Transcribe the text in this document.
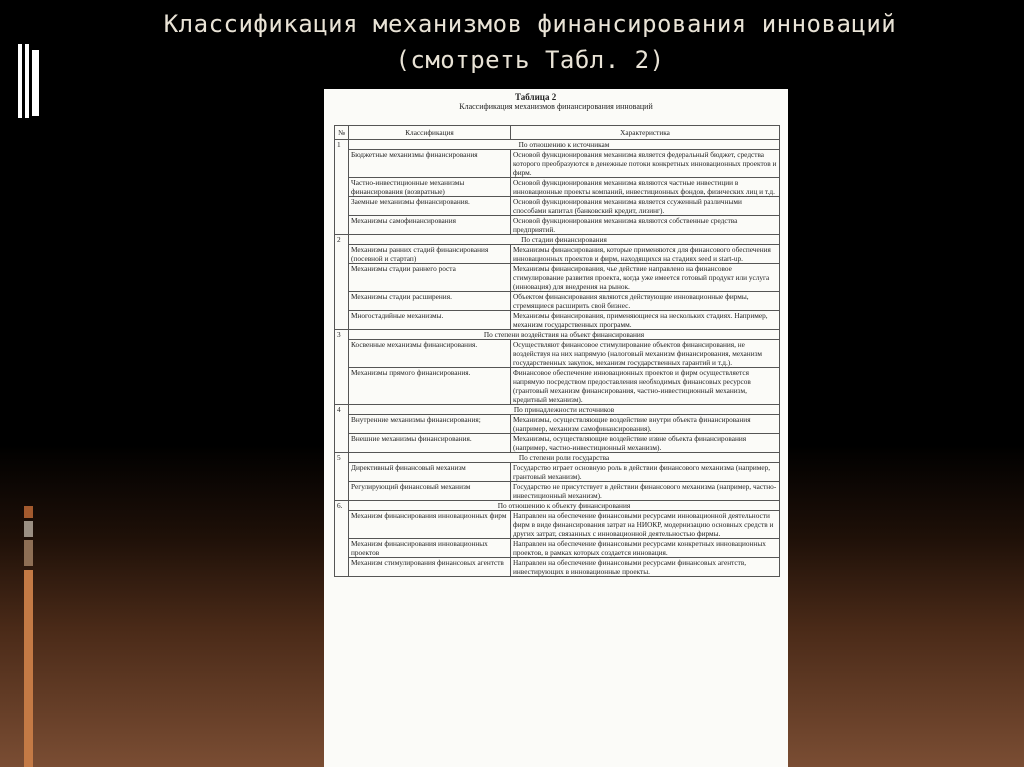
Классификация механизмов финансирования инноваций
(смотреть Табл. 2)
Таблица 2
Классификация механизмов финансирования инноваций
№	Классификация	Характеристика
1	По отношению к источникам	
	Бюджетные механизмы финансирования	Основой функционирования механизма является федеральный бюджет, средства которого преобразуются в денежные потоки конкретных инновационных проектов и фирм.
	Частно-инвестиционные механизмы финансирования (возвратные)	Основой функционирования механизма являются частные инвестиции в инновационные проекты компаний, инвестиционных фондов, физических лиц и т.д.
	Заемные механизмы финансирования.	Основой функционирования механизма является ссуженный различными способами капитал (банковский кредит, лизинг).
	Механизмы самофинансирования	Основой функционирования механизма являются собственные средства предприятий.
2	По стадии финансирования	
	Механизмы ранних стадий финансирования (посевной и стартап)	Механизмы финансирования, которые применяются для финансового обеспечения инновационных проектов и фирм, находящихся на стадиях seed и start-up.
	Механизмы стадии раннего роста	Механизмы финансирования, чье действие направлено на финансовое стимулирование развития проекта, когда уже имеется готовый продукт или услуга (инновация) для внедрения на рынок.
	Механизмы стадии расширения.	Объектом финансирования являются действующие инновационные фирмы, стремящиеся расширить свой бизнес.
	Многостадийные механизмы.	Механизмы финансирования, применяющиеся на нескольких стадиях. Например, механизм государственных программ.
3	По степени воздействия на объект финансирования	
	Косвенные механизмы финансирования.	Осуществляют финансовое стимулирование объектов финансирования, не воздействуя на них напрямую (налоговый механизм финансирования, механизм государственных закупок, механизм государственных гарантий и т.д.).
	Механизмы прямого финансирования.	Финансовое обеспечение инновационных проектов и фирм осуществляется напрямую посредством предоставления необходимых финансовых ресурсов (грантовый механизм финансирования, частно-инвестиционный механизм, кредитный механизм).
4	По принадлежности источников	
	Внутренние механизмы финансирования;	Механизмы, осуществляющие воздействие внутри объекта финансирования (например, механизм самофинансирования).
	Внешние механизмы финансирования.	Механизмы, осуществляющие воздействие извне объекта финансирования (например, частно-инвестиционный механизм).
5	По степени роли государства	
	Директивный финансовый механизм	Государство играет основную роль в действии финансового механизма (например, грантовый механизм).
	Регулирующий финансовый механизм	Государство не присутствует в действии финансового механизма (например, частно-инвестиционный механизм).
6.	По отношению к объекту финансирования	
	Механизм финансирования инновационных фирм	Направлен на обеспечение финансовыми ресурсами инновационной деятельности фирм в виде финансирования затрат на НИОКР, модернизацию основных средств и других затрат, связанных с инновационной деятельностью фирмы.
	Механизм финансирования инновационных проектов	Направлен на обеспечение финансовыми ресурсами конкретных инновационных проектов, в рамках которых создается инновация.
	Механизм стимулирования финансовых агентств	Направлен на обеспечение финансовыми ресурсами финансовых агентств, инвестирующих в инновационные проекты.
